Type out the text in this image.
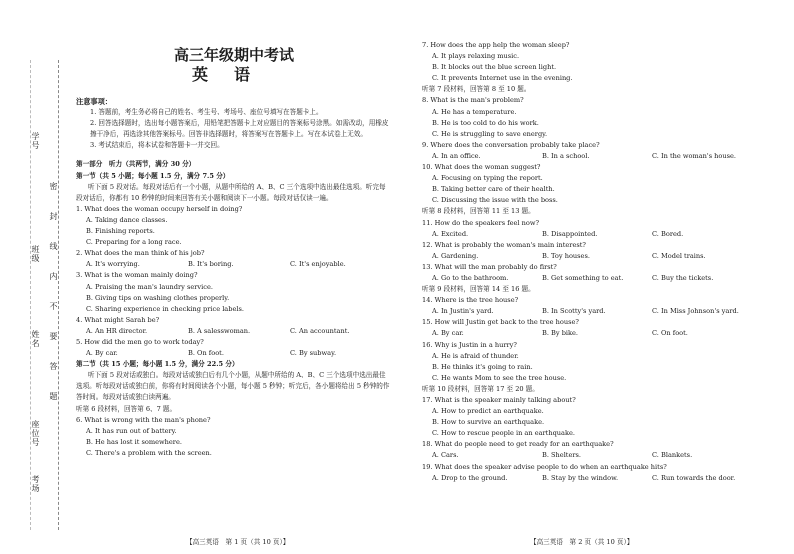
学号
班级
姓名
考场
密
封
线
内
不
要
答
题
座位号
高三年级期中考试
英语
注意事项：
1. 答题前，考生务必将自己的姓名、考生号、考场号、座位号填写在答题卡上。
2. 回答选择题时，选出每小题答案后，用铅笔把答题卡上对应题目的答案标号涂黑。如需改动，用橡皮擦干净后，再选涂其他答案标号。回答非选择题时，将答案写在答题卡上。写在本试卷上无效。
3. 考试结束后，将本试卷和答题卡一并交回。
第一部分　听力（共两节，满分 30 分）
第一节（共 5 小题；每小题 1.5 分，满分 7.5 分）
听下面 5 段对话。每段对话后有一个小题，从题中所给的 A、B、C 三个选项中选出最佳选项。听完每段对话后，你都有 10 秒钟的时间来回答有关小题和阅读下一小题。每段对话仅读一遍。
1. What does the woman occupy herself in doing?
A. Taking dance classes.
B. Finishing reports.
C. Preparing for a long race.
2. What does the man think of his job?
A. It's worrying.	B. It's boring.	C. It's enjoyable.
3. What is the woman mainly doing?
A. Praising the man's laundry service.
B. Giving tips on washing clothes properly.
C. Sharing experience in checking price labels.
4. What might Sarah be?
A. An HR director.	B. A salesswoman.	C. An accountant.
5. How did the men go to work today?
A. By car.	B. On foot.	C. By subway.
第二节（共 15 小题；每小题 1.5 分，满分 22.5 分）
听下面 5 段对话或独白。每段对话或独白后有几个小题，从题中所给的 A、B、C 三个选项中选出最佳选项。听每段对话或独白前，你将有时间阅读各个小题，每小题 5 秒钟；听完后，各小题将给出 5 秒钟的作答时间。每段对话或独白读两遍。
听第 6 段材料，回答第 6、7 题。
6. What is wrong with the man's phone?
A. It has run out of battery.
B. He has lost it somewhere.
C. There's a problem with the screen.
7. How does the app help the woman sleep?
A. It plays relaxing music.
B. It blocks out the blue screen light.
C. It prevents Internet use in the evening.
听第 7 段材料，回答第 8 至 10 题。
8. What is the man's problem?
A. He has a temperature.
B. He is too cold to do his work.
C. He is struggling to save energy.
9. Where does the conversation probably take place?
A. In an office.	B. In a school.	C. In the woman's house.
10. What does the woman suggest?
A. Focusing on typing the report.
B. Taking better care of their health.
C. Discussing the issue with the boss.
听第 8 段材料，回答第 11 至 13 题。
11. How do the speakers feel now?
A. Excited.	B. Disappointed.	C. Bored.
12. What is probably the woman's main interest?
A. Gardening.	B. Toy houses.	C. Model trains.
13. What will the man probably do first?
A. Go to the bathroom.	B. Get something to eat.	C. Buy the tickets.
听第 9 段材料，回答第 14 至 16 题。
14. Where is the tree house?
A. In Justin's yard.	B. In Scotty's yard.	C. In Miss Johnson's yard.
15. How will Justin get back to the tree house?
A. By car.	B. By bike.	C. On foot.
16. Why is Justin in a hurry?
A. He is afraid of thunder.
B. He thinks it's going to rain.
C. He wants Mom to see the tree house.
听第 10 段材料，回答第 17 至 20 题。
17. What is the speaker mainly talking about?
A. How to predict an earthquake.
B. How to survive an earthquake.
C. How to rescue people in an earthquake.
18. What do people need to get ready for an earthquake?
A. Cars.	B. Shelters.	C. Blankets.
19. What does the speaker advise people to do when an earthquake hits?
A. Drop to the ground.	B. Stay by the window.	C. Run towards the door.
【高三英语　第 1 页（共 10 页）】	【高三英语　第 2 页（共 10 页）】
